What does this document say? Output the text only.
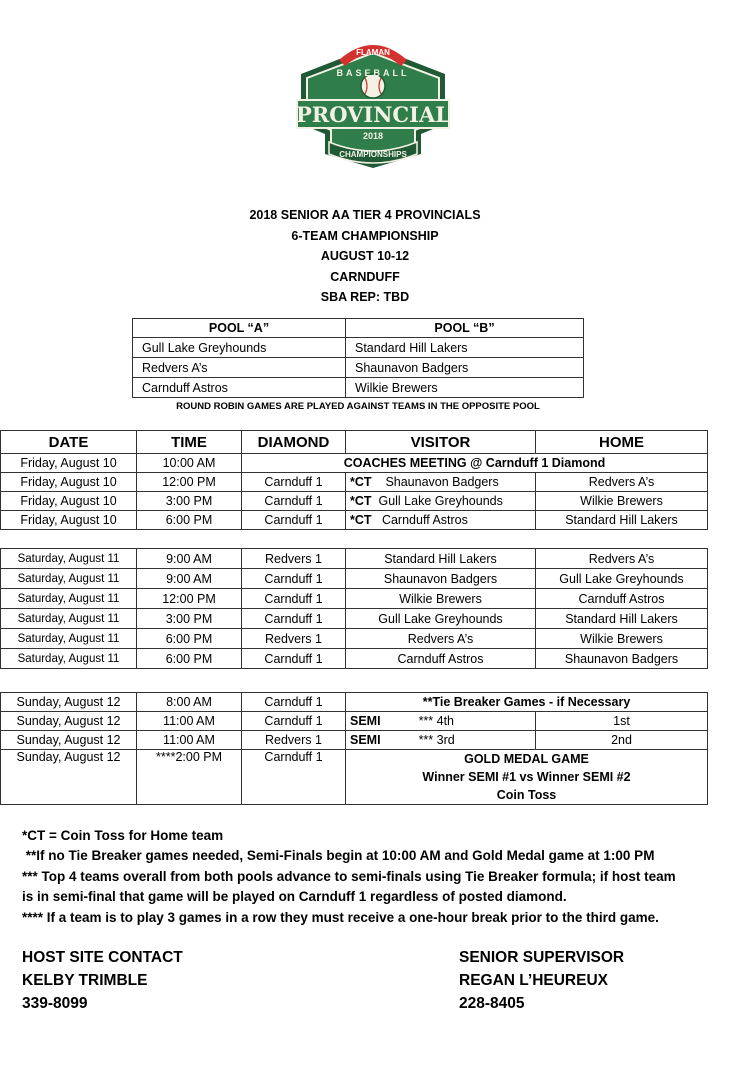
FLAMAN
BASEBALL
PROVINCIAL
2018
CHAMPIONSHIPS
2018 SENIOR AA TIER 4 PROVINCIALS
6-TEAM CHAMPIONSHIP
AUGUST 10-12
CARNDUFF
SBA REP: TBD
POOL “A”	POOL “B”
Gull Lake Greyhounds	Standard Hill Lakers
Redvers A’s	Shaunavon Badgers
Carnduff Astros	Wilkie Brewers
ROUND ROBIN GAMES ARE PLAYED AGAINST TEAMS IN THE OPPOSITE POOL
DATE	TIME	DIAMOND	VISITOR	HOME
Friday, August 10	10:00 AM	COACHES MEETING @ Carnduff 1 Diamond		
Friday, August 10	12:00 PM	Carnduff 1	*CT Shaunavon Badgers	Redvers A’s
Friday, August 10	3:00 PM	Carnduff 1	*CT Gull Lake Greyhounds	Wilkie Brewers
Friday, August 10	6:00 PM	Carnduff 1	*CT Carnduff Astros	Standard Hill Lakers
Saturday, August 11	9:00 AM	Redvers 1	Standard Hill Lakers	Redvers A’s
Saturday, August 11	9:00 AM	Carnduff 1	Shaunavon Badgers	Gull Lake Greyhounds
Saturday, August 11	12:00 PM	Carnduff 1	Wilkie Brewers	Carnduff Astros
Saturday, August 11	3:00 PM	Carnduff 1	Gull Lake Greyhounds	Standard Hill Lakers
Saturday, August 11	6:00 PM	Redvers 1	Redvers A’s	Wilkie Brewers
Saturday, August 11	6:00 PM	Carnduff 1	Carnduff Astros	Shaunavon Badgers
Sunday, August 12	8:00 AM	Carnduff 1	**Tie Breaker Games - if Necessary	
Sunday, August 12	11:00 AM	Carnduff 1	SEMI *** 4th	1st
Sunday, August 12	11:00 AM	Redvers 1	SEMI *** 3rd	2nd
Sunday, August 12	****2:00 PM	Carnduff 1	GOLD MEDAL GAME
Winner SEMI #1 vs Winner SEMI #2
Coin Toss	
*CT = Coin Toss for Home team
**If no Tie Breaker games needed, Semi-Finals begin at 10:00 AM and Gold Medal game at 1:00 PM
*** Top 4 teams overall from both pools advance to semi-finals using Tie Breaker formula; if host team
is in semi-final that game will be played on Carnduff 1 regardless of posted diamond.
**** If a team is to play 3 games in a row they must receive a one-hour break prior to the third game.
HOST SITE CONTACT
KELBY TRIMBLE
339-8099
SENIOR SUPERVISOR
REGAN L’HEUREUX
228-8405
